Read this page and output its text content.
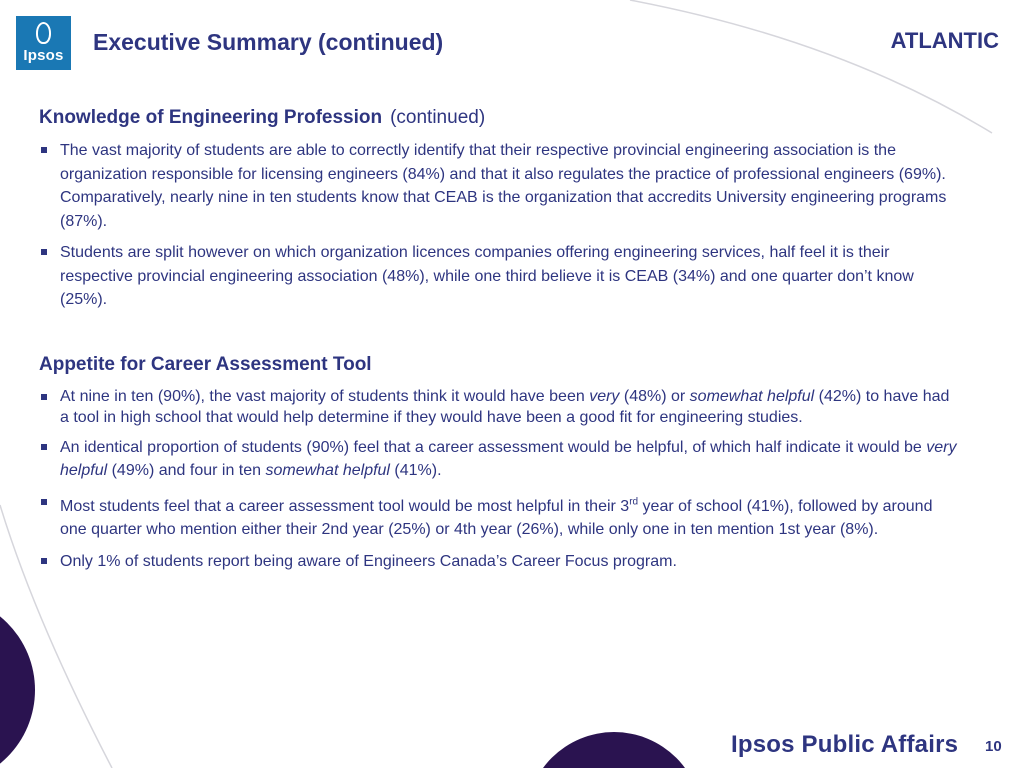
Ipsos
Executive Summary (continued)	ATLANTIC
Knowledge of Engineering Profession (continued)
The vast majority of students are able to correctly identify that their respective provincial engineering association is the organization responsible for licensing engineers (84%) and that it also regulates the practice of professional engineers (69%). Comparatively, nearly nine in ten students know that CEAB is the organization that accredits University engineering programs (87%).
Students are split however on which organization licences companies offering engineering services, half feel it is their respective provincial engineering association (48%), while one third believe it is CEAB (34%) and one quarter don’t know (25%).
Appetite for Career Assessment Tool
At nine in ten (90%), the vast majority of students think it would have been very (48%) or somewhat helpful (42%) to have had a tool in high school that would help determine if they would have been a good fit for engineering studies.
An identical proportion of students (90%) feel that a career assessment would be helpful, of which half indicate it would be very helpful (49%) and four in ten somewhat helpful (41%).
Most students feel that a career assessment tool would be most helpful in their 3rd year of school (41%), followed by around one quarter who mention either their 2nd year (25%) or 4th year (26%), while only one in ten mention 1st year (8%).
Only 1% of students report being aware of Engineers Canada’s Career Focus program.
Ipsos Public Affairs 10
